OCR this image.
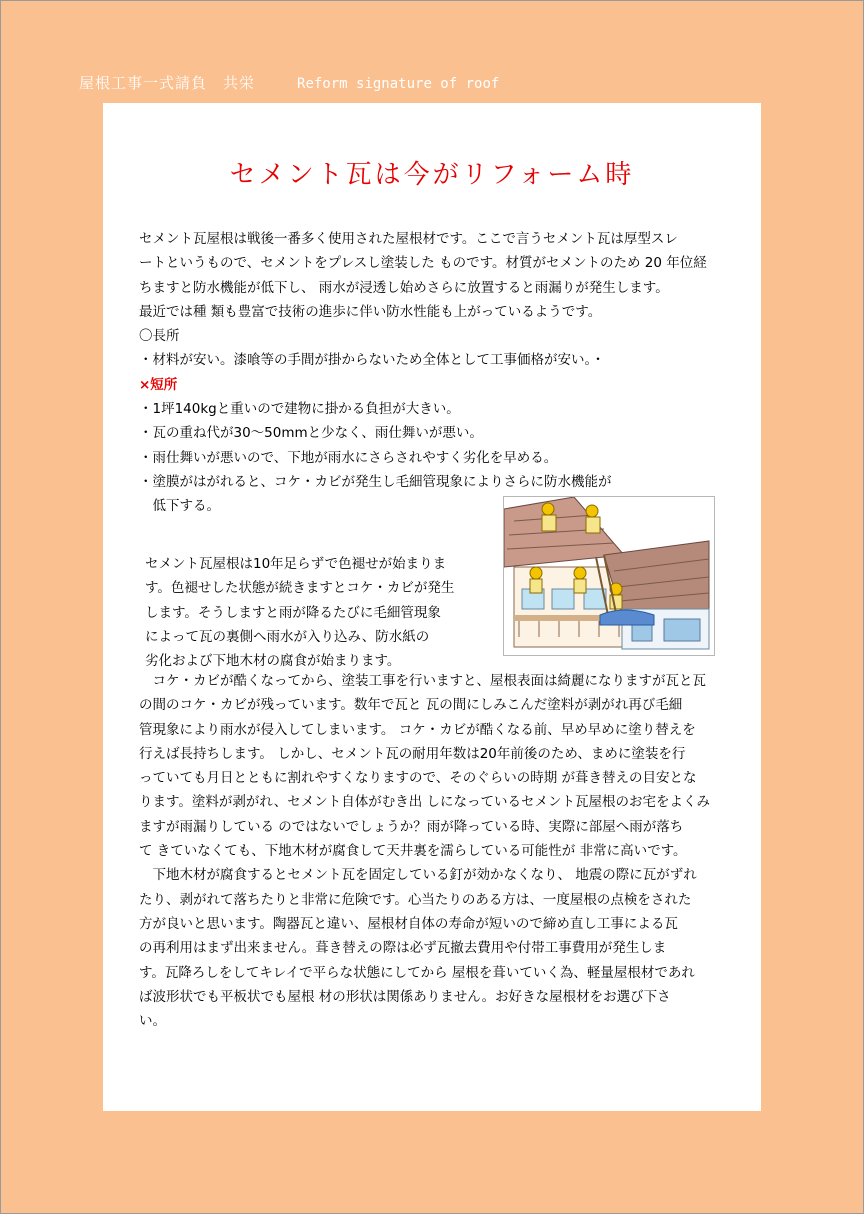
屋根工事一式請負　共栄	Reform signature of roof
セメント瓦は今がリフォーム時

セメント瓦屋根は戦後一番多く使用された屋根材です。ここで言うセメント瓦は厚型スレ

ートというもので、セメントをプレスし塗装した ものです。材質がセメントのため 20 年位経

ちますと防水機能が低下し、 雨水が浸透し始めさらに放置すると雨漏りが発生します。

最近では種 類も豊富で技術の進歩に伴い防水性能も上がっているようです。

〇長所

・材料が安い。漆喰等の手間が掛からないため全体として工事価格が安い。・

×短所

・1坪140kgと重いので建物に掛かる負担が大きい。

・瓦の重ね代が30～50mmと少なく、雨仕舞いが悪い。

・雨仕舞いが悪いので、下地が雨水にさらされやすく劣化を早める。

・塗膜がはがれると、コケ・カビが発生し毛細管現象によりさらに防水機能が

　低下する。

セメント瓦屋根は10年足らずで色褪せが始まりま

す。色褪せした状態が続きますとコケ・カビが発生

します。そうしますと雨が降るたびに毛細管現象

によって瓦の裏側へ雨水が入り込み、防水紙の

劣化および下地木材の腐食が始まります。

　コケ・カビが酷くなってから、塗装工事を行いますと、屋根表面は綺麗になりますが瓦と瓦

の間のコケ・カビが残っています。数年で瓦と 瓦の間にしみこんだ塗料が剥がれ再び毛細

管現象により雨水が侵入してしまいます。 コケ・カビが酷くなる前、早め早めに塗り替えを

行えば長持ちします。 しかし、セメント瓦の耐用年数は20年前後のため、まめに塗装を行

っていても月日とともに割れやすくなりますので、そのぐらいの時期 が葺き替えの目安とな

ります。塗料が剥がれ、セメント自体がむき出 しになっているセメント瓦屋根のお宅をよくみ

ますが雨漏りしている のではないでしょうか？雨が降っている時、実際に部屋へ雨が落ち

て きていなくても、下地木材が腐食して天井裏を濡らしている可能性が 非常に高いです。

　下地木材が腐食するとセメント瓦を固定している釘が効かなくなり、 地震の際に瓦がずれ

たり、剥がれて落ちたりと非常に危険です。心当たりのある方は、一度屋根の点検をされた

方が良いと思います。陶器瓦と違い、屋根材自体の寿命が短いので締め直し工事による瓦

の再利用はまず出来ません。葺き替えの際は必ず瓦撤去費用や付帯工事費用が発生しま

す。瓦降ろしをしてキレイで平らな状態にしてから 屋根を葺いていく為、軽量屋根材であれ

ば波形状でも平板状でも屋根 材の形状は関係ありません。お好きな屋根材をお選び下さ

い。
